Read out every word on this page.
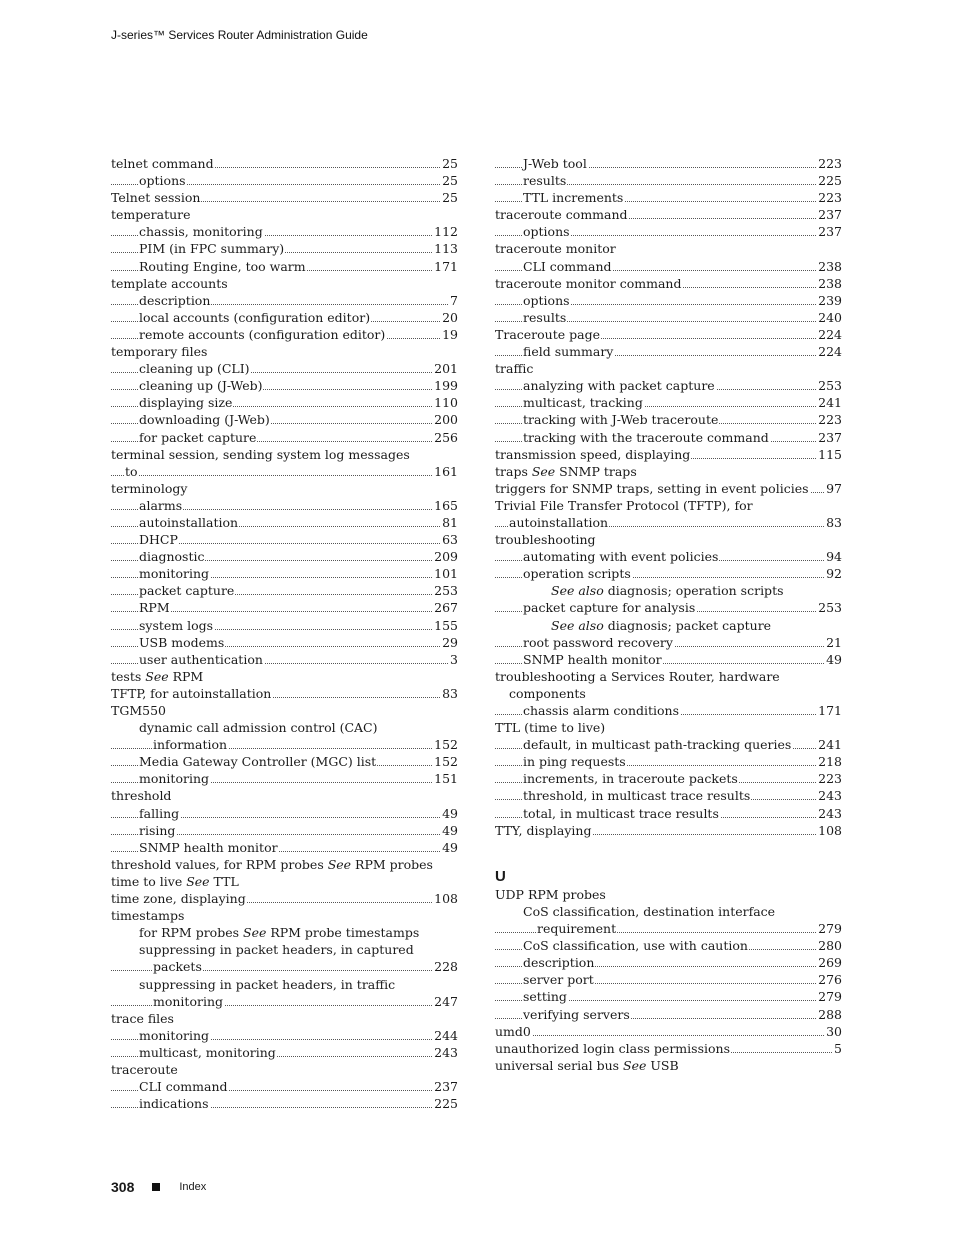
J-series™ Services Router Administration Guide
telnet command	25
options	25
Telnet session	25
temperature
chassis, monitoring	112
PIM (in FPC summary)	113
Routing Engine, too warm	171
template accounts
description	7
local accounts (configuration editor)	20
remote accounts (configuration editor)	19
temporary files
cleaning up (CLI)	201
cleaning up (J-Web)	199
displaying size	110
downloading (J-Web)	200
for packet capture	256
terminal session, sending system log messages
to	161
terminology
alarms	165
autoinstallation	81
DHCP	63
diagnostic	209
monitoring	101
packet capture	253
RPM	267
system logs	155
USB modems	29
user authentication	3
tests See RPM
TFTP, for autoinstallation	83
TGM550
dynamic call admission control (CAC)
information	152
Media Gateway Controller (MGC) list	152
monitoring	151
threshold
falling	49
rising	49
SNMP health monitor	49
threshold values, for RPM probes See RPM probes
time to live See TTL
time zone, displaying	108
timestamps
for RPM probes See RPM probe timestamps
suppressing in packet headers, in captured
packets	228
suppressing in packet headers, in traffic
monitoring	247
trace files
monitoring	244
multicast, monitoring	243
traceroute
CLI command	237
indications	225
J-Web tool	223
results	225
TTL increments	223
traceroute command	237
options	237
traceroute monitor
CLI command	238
traceroute monitor command	238
options	239
results	240
Traceroute page	224
field summary	224
traffic
analyzing with packet capture	253
multicast, tracking	241
tracking with J-Web traceroute	223
tracking with the traceroute command	237
transmission speed, displaying	115
traps See SNMP traps
triggers for SNMP traps, setting in event policies 97
Trivial File Transfer Protocol (TFTP), for
autoinstallation	83
troubleshooting
automating with event policies	94
operation scripts	92
See also diagnosis; operation scripts
packet capture for analysis	253
See also diagnosis; packet capture
root password recovery	21
SNMP health monitor	49
troubleshooting a Services Router, hardware
components
chassis alarm conditions	171
TTL (time to live)
default, in multicast path-tracking queries 241
in ping requests	218
increments, in traceroute packets	223
threshold, in multicast trace results	243
total, in multicast trace results	243
TTY, displaying	108
U
UDP RPM probes
CoS classification, destination interface
requirement	279
CoS classification, use with caution	280
description	269
server port	276
setting	279
verifying servers	288
umd0	30
unauthorized login class permissions	5
universal serial bus See USB
308	Index
